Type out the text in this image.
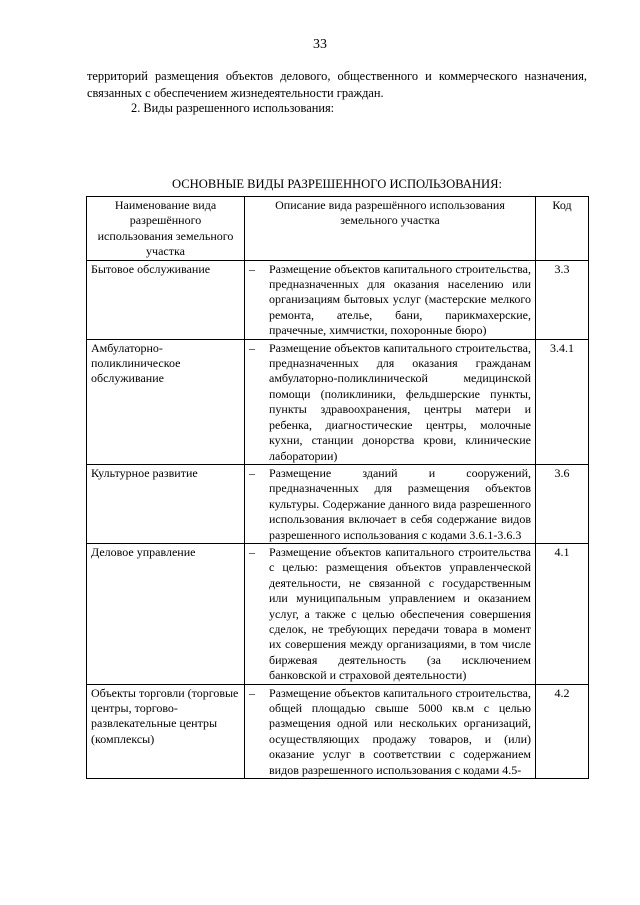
33

территорий размещения объектов делового, общественного и коммерческого назначения, связанных с обеспечением жизнедеятельности граждан.

2. Виды разрешенного использования:

ОСНОВНЫЕ ВИДЫ РАЗРЕШЕННОГО ИСПОЛЬЗОВАНИЯ:
Наименование вида разрешённого использования земельного участка	Описание вида разрешённого использования земельного участка	Код
Бытовое обслуживание	– Размещение объектов капитального строительства, предназначенных для оказания населению или организациям бытовых услуг (мастерские мелкого ремонта, ателье, бани, парикмахерские, прачечные, химчистки, похоронные бюро)	3.3
Амбулаторно-поликлиническое обслуживание	– Размещение объектов капитального строительства, предназначенных для оказания гражданам амбулаторно-поликлинической медицинской помощи (поликлиники, фельдшерские пункты, пункты здравоохранения, центры матери и ребенка, диагностические центры, молочные кухни, станции донорства крови, клинические лаборатории)	3.4.1
Культурное развитие	– Размещение зданий и сооружений, предназначенных для размещения объектов культуры. Содержание данного вида разрешенного использования включает в себя содержание видов разрешенного использования с кодами 3.6.1-3.6.3	3.6
Деловое управление	– Размещение объектов капитального строительства с целью: размещения объектов управленческой деятельности, не связанной с государственным или муниципальным управлением и оказанием услуг, а также с целью обеспечения совершения сделок, не требующих передачи товара в момент их совершения между организациями, в том числе биржевая деятельность (за исключением банковской и страховой деятельности)	4.1
Объекты торговли (торговые центры, торгово-развлекательные центры (комплексы)	– Размещение объектов капитального строительства, общей площадью свыше 5000 кв.м с целью размещения одной или нескольких организаций, осуществляющих продажу товаров, и (или) оказание услуг в соответствии с содержанием видов разрешенного использования с кодами 4.5-	4.2
